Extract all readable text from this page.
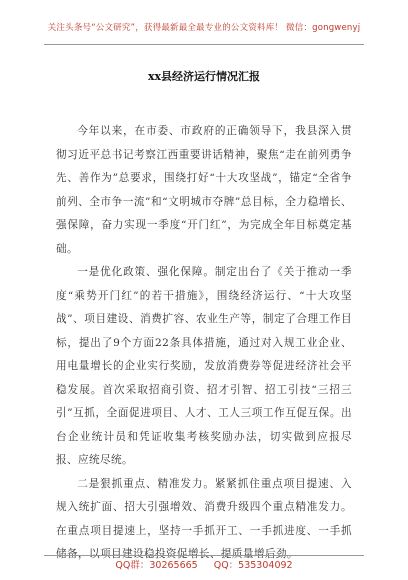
关注头条号“公文研究”，获得最新最全最专业的公文资料库！ 微信：gongwenyj
xx县经济运行情况汇报

今年以来，在市委、市政府的正确领导下，我县深入贯彻习近平总书记考察江西重要讲话精神，聚焦“走在前列勇争先、善作为”总要求，围绕打好“十大攻坚战”，锚定“全省争前列、全市争一流”和“文明城市夺牌”总目标，全力稳增长、强保障，奋力实现一季度“开门红”，为完成全年目标奠定基础。

一是优化政策、强化保障。制定出台了《关于推动一季度“乘势开门红”的若干措施》，围绕经济运行、“十大攻坚战”、项目建设、消费扩容、农业生产等，制定了合理工作目标，提出了9个方面22条具体措施，通过对入规工业企业、用电量增长的企业实行奖励，发放消费券等促进经济社会平稳发展。首次采取招商引资、招才引智、招工引技“三招三引”互抓，全面促进项目、人才、工人三项工作互促互保。出台企业统计员和凭证收集考核奖励办法，切实做到应报尽报、应统尽统。

二是狠抓重点、精准发力。紧紧抓住重点项目提速、入规入统扩面、招大引强增效、消费升级四个重点精准发力。在重点项目提速上，坚持一手抓开工、一手抓进度、一手抓储备，以项目建设稳投资促增长、提质量增后劲。

QQ群：30265665 QQ：535304092
